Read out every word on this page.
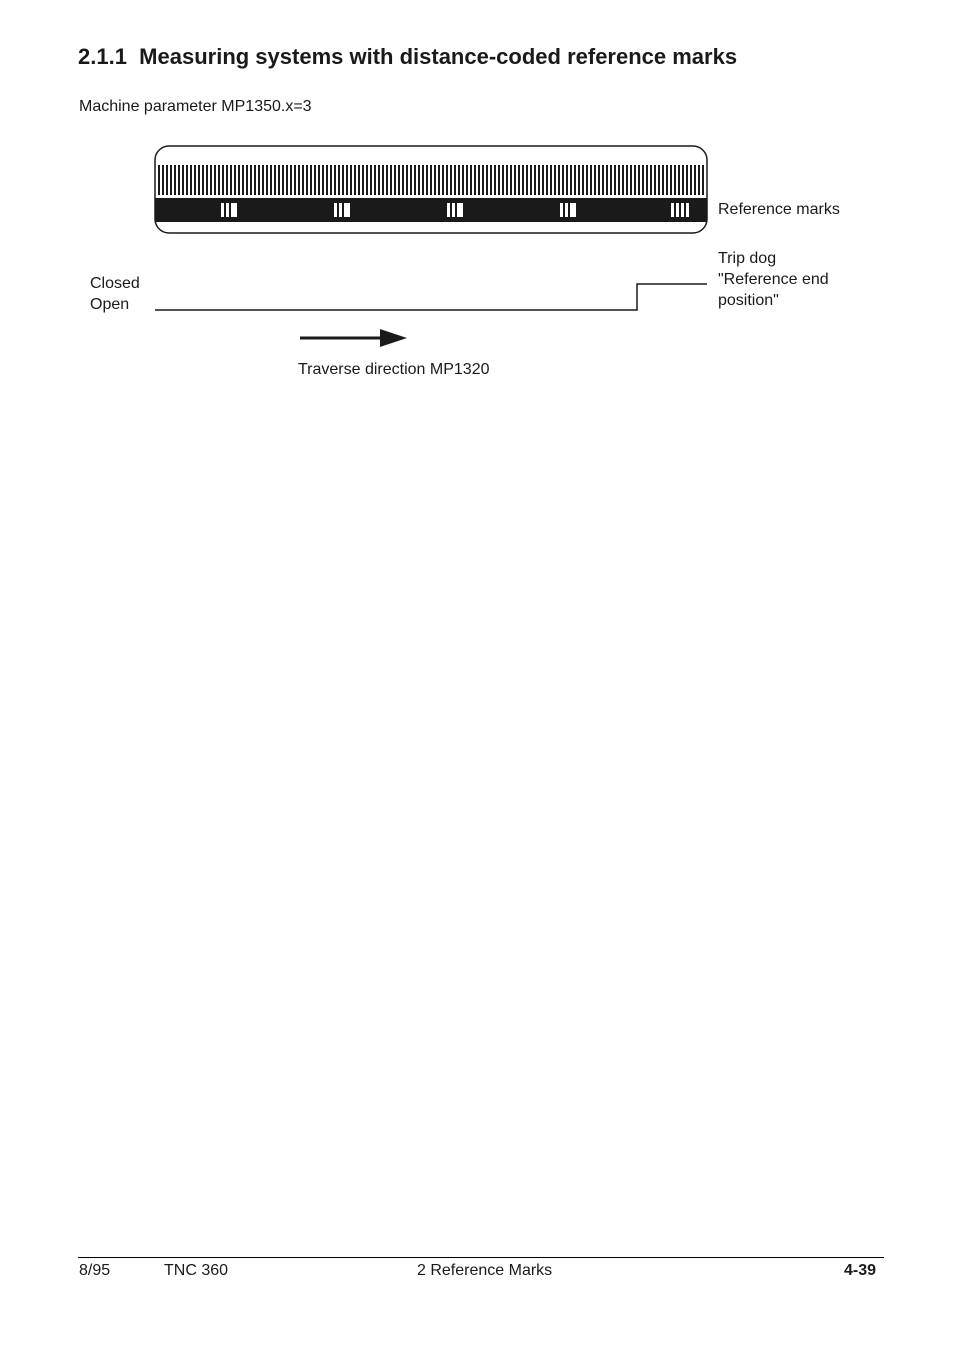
2.1.1 Measuring systems with distance-coded reference marks
Machine parameter MP1350.x=3
Reference marks
Closed
Open
Trip dog
"Reference end
position"
Traverse direction MP1320
8/95	TNC 360	2 Reference Marks	4-39
